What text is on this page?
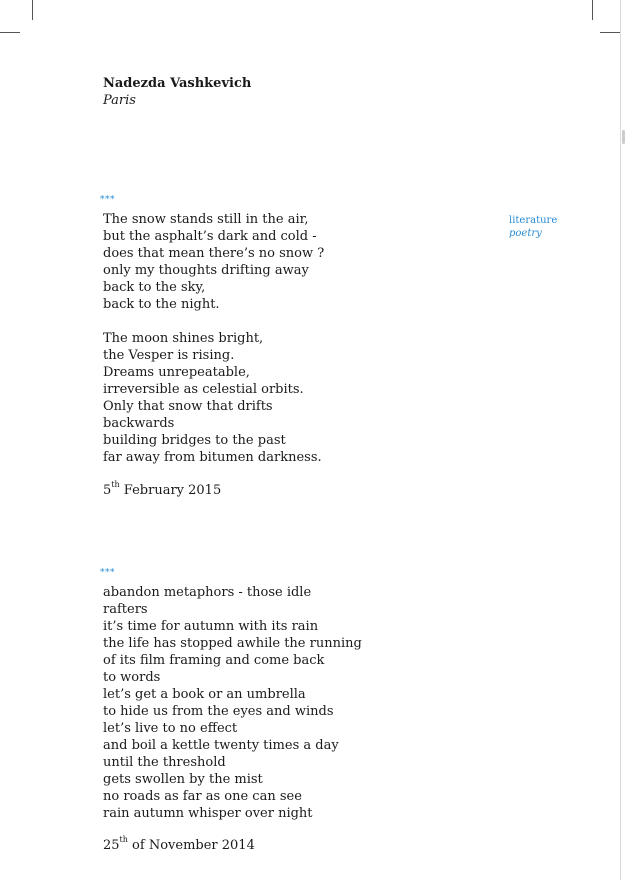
Nadezda Vashkevich
Paris
literature
poetry
***
The snow stands still in the air,
but the asphalt’s dark and cold -
does that mean there’s no snow ?
only my thoughts drifting away
back to the sky,
back to the night.
The moon shines bright,
the Vesper is rising.
Dreams unrepeatable,
irreversible as celestial orbits.
Only that snow that drifts
backwards
building bridges to the past
far away from bitumen darkness.
5th February 2015
***
abandon metaphors - those idle
rafters
it’s time for autumn with its rain
the life has stopped awhile the running
of its film framing and come back
to words
let’s get a book or an umbrella
to hide us from the eyes and winds
let’s live to no effect
and boil a kettle twenty times a day
until the threshold
gets swollen by the mist
no roads as far as one can see
rain autumn whisper over night
25th of November 2014
